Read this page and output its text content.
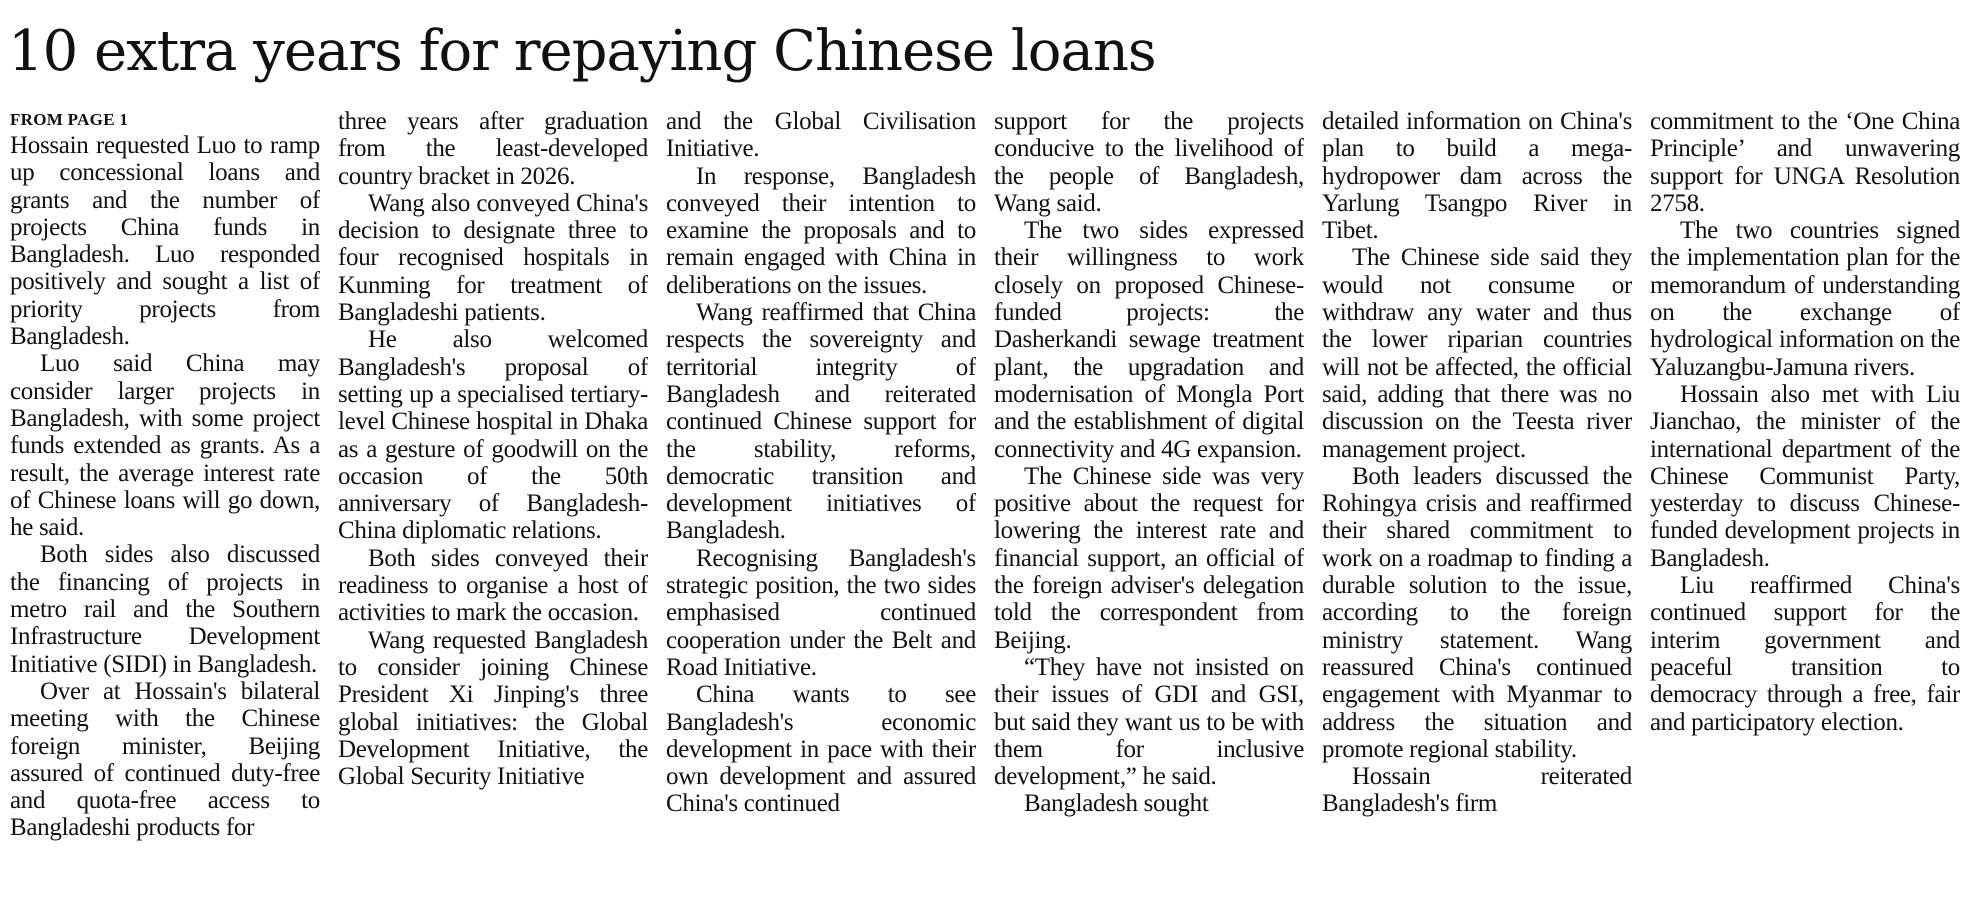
10 extra years for repaying Chinese loans
FROM PAGE 1

Hossain requested Luo to ramp up concessional loans and grants and the number of projects China funds in Bangladesh. Luo responded positively and sought a list of priority projects from Bangladesh.

Luo said China may consider larger projects in Bangladesh, with some project funds extended as grants. As a result, the average interest rate of Chinese loans will go down, he said.

Both sides also discussed the financing of projects in metro rail and the Southern Infrastructure Development Initiative (SIDI) in Bangladesh.

Over at Hossain's bilateral meeting with the Chinese foreign minister, Beijing assured of continued duty-free and quota-free access to Bangladeshi products for

three years after graduation from the least-developed country bracket in 2026.

Wang also conveyed China's decision to designate three to four recognised hospitals in Kunming for treatment of Bangladeshi patients.

He also welcomed Bangladesh's proposal of setting up a specialised tertiary-level Chinese hospital in Dhaka as a gesture of goodwill on the occasion of the 50th anniversary of Bangladesh-China diplomatic relations.

Both sides conveyed their readiness to organise a host of activities to mark the occasion.

Wang requested Bangladesh to consider joining Chinese President Xi Jinping's three global initiatives: the Global Development Initiative, the Global Security Initiative

and the Global Civilisation Initiative.

In response, Bangladesh conveyed their intention to examine the proposals and to remain engaged with China in deliberations on the issues.

Wang reaffirmed that China respects the sovereignty and territorial integrity of Bangladesh and reiterated continued Chinese support for the stability, reforms, democratic transition and development initiatives of Bangladesh.

Recognising Bangladesh's strategic position, the two sides emphasised continued cooperation under the Belt and Road Initiative.

China wants to see Bangladesh's economic development in pace with their own development and assured China's continued

support for the projects conducive to the livelihood of the people of Bangladesh, Wang said.

The two sides expressed their willingness to work closely on proposed Chinese-funded projects: the Dasherkandi sewage treatment plant, the upgradation and modernisation of Mongla Port and the establishment of digital connectivity and 4G expansion.

The Chinese side was very positive about the request for lowering the interest rate and financial support, an official of the foreign adviser's delegation told the correspondent from Beijing.

“They have not insisted on their issues of GDI and GSI, but said they want us to be with them for inclusive development,” he said.

Bangladesh sought

detailed information on China's plan to build a mega-hydropower dam across the Yarlung Tsangpo River in Tibet.

The Chinese side said they would not consume or withdraw any water and thus the lower riparian countries will not be affected, the official said, adding that there was no discussion on the Teesta river management project.

Both leaders discussed the Rohingya crisis and reaffirmed their shared commitment to work on a roadmap to finding a durable solution to the issue, according to the foreign ministry statement. Wang reassured China's continued engagement with Myanmar to address the situation and promote regional stability.

Hossain reiterated Bangladesh's firm

commitment to the ‘One China Principle’ and unwavering support for UNGA Resolution 2758.

The two countries signed the implementation plan for the memorandum of understanding on the exchange of hydrological information on the Yaluzangbu-Jamuna rivers.

Hossain also met with Liu Jianchao, the minister of the international department of the Chinese Communist Party, yesterday to discuss Chinese-funded development projects in Bangladesh.

Liu reaffirmed China's continued support for the interim government and peaceful transition to democracy through a free, fair and participatory election.
